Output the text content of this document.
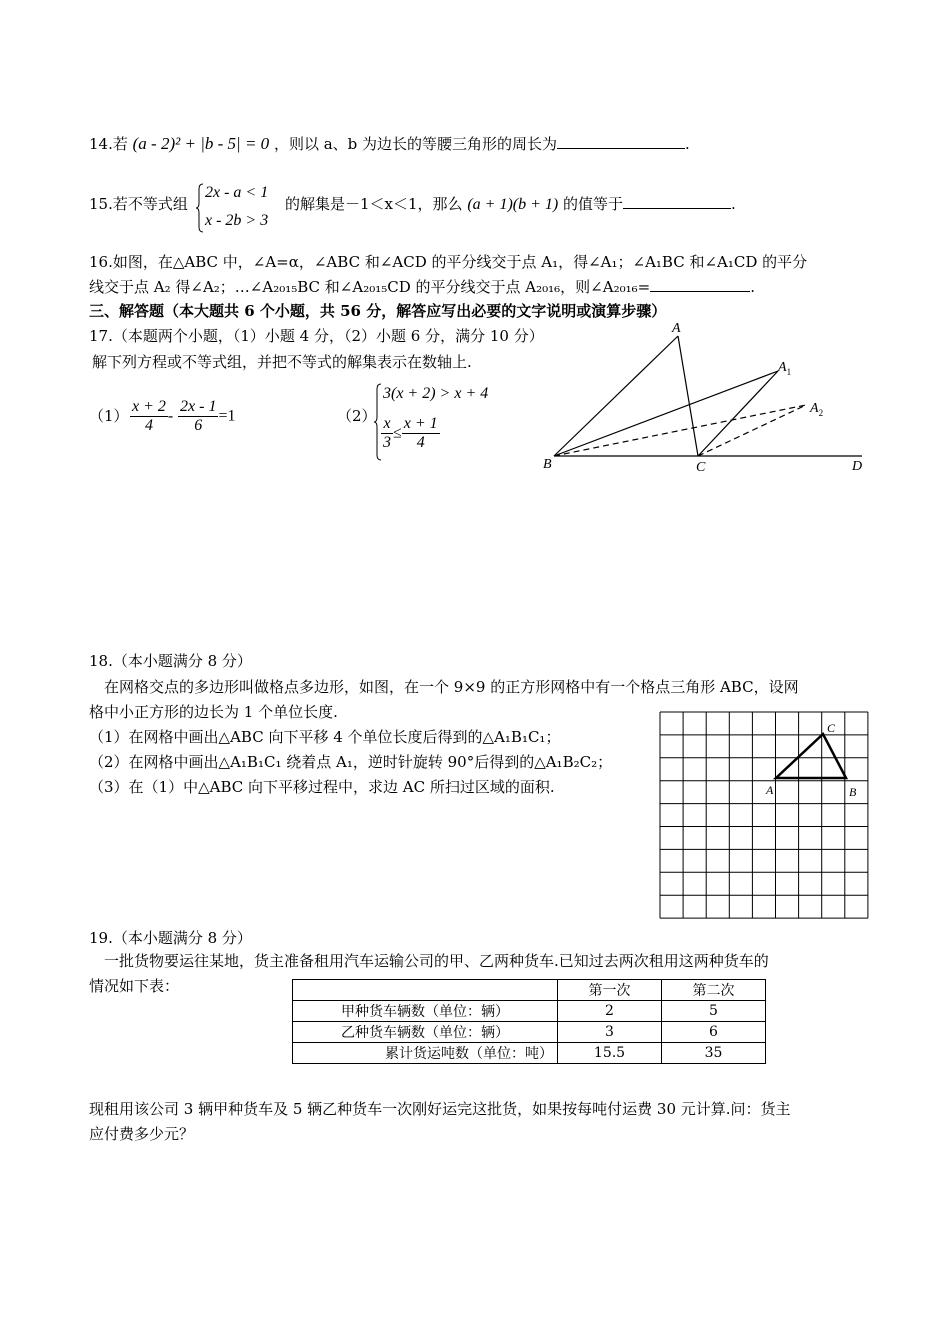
14.若 (a - 2)² + |b - 5| = 0 ，则以 a、b 为边长的等腰三角形的周长为	.
15.若不等式组
2x - a < 1
x - 2b > 3
的解集是－1＜x＜1，那么 (a + 1)(b + 1) 的值等于	.
16.如图，在△ABC 中，∠A=α，∠ABC 和∠ACD 的平分线交于点 A₁，得∠A₁；∠A₁BC 和∠A₁CD 的平分
线交于点 A₂ 得∠A₂；…∠A₂₀₁₅BC 和∠A₂₀₁₅CD 的平分线交于点 A₂₀₁₆，则∠A₂₀₁₆=	.
三、解答题（本大题共 6 个小题，共 56 分，解答应写出必要的文字说明或演算步骤）
17.（本题两个小题，（1）小题 4 分，（2）小题 6 分，满分 10 分）
解下列方程或不等式组，并把不等式的解集表示在数轴上.
$(1) \frac{x + 2}{4} - \frac{2x - 1}{6} =1$	（2）
3(x + 2) > x + 4
$\frac{x}{3} \le \frac{x + 1}{4}$
A
$A_1$
$A_2$
B	C	D
18.（本小题满分 8 分）
在网格交点的多边形叫做格点多边形，如图，在一个 9×9 的正方形网格中有一个格点三角形 ABC，设网
格中小正方形的边长为 1 个单位长度.
（1）在网格中画出△ABC 向下平移 4 个单位长度后得到的△A₁B₁C₁；
（2）在网格中画出△A₁B₁C₁ 绕着点 A₁，逆时针旋转 90°后得到的△A₁B₂C₂；
（3）在（1）中△ABC 向下平移过程中，求边 AC 所扫过区域的面积.	A	B
C
19.（本小题满分 8 分）
一批货物要运往某地，货主准备租用汽车运输公司的甲、乙两种货车.已知过去两次租用这两种货车的
情况如下表：
		第一次	第二次
甲种货车辆数（单位：辆）	2	5
乙种货车辆数（单位：辆）	3	6
累计货运吨数（单位：吨）	15.5	35
现租用该公司 3 辆甲种货车及 5 辆乙种货车一次刚好运完这批货，如果按每吨付运费 30 元计算.问：货主
应付费多少元？
